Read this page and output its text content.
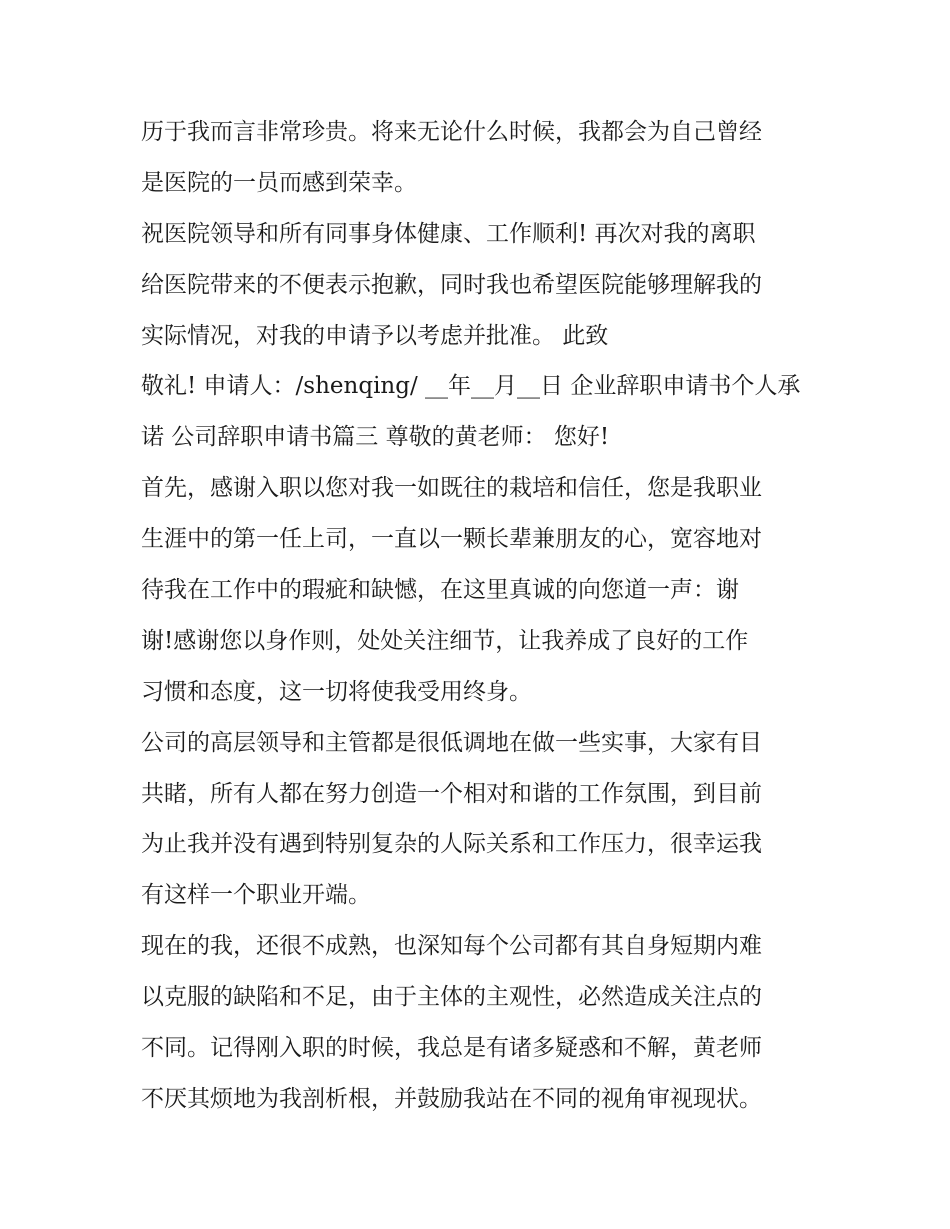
历于我而言非常珍贵。将来无论什么时候，我都会为自己曾经
是医院的一员而感到荣幸。
祝医院领导和所有同事身体健康、工作顺利! 再次对我的离职
给医院带来的不便表示抱歉，同时我也希望医院能够理解我的
实际情况，对我的申请予以考虑并批准。 此致
敬礼! 申请人：/shenqing/ __年__月__日 企业辞职申请书个人承
诺 公司辞职申请书篇三 尊敬的黄老师： 您好!
首先，感谢入职以您对我一如既往的栽培和信任，您是我职业
生涯中的第一任上司，一直以一颗长辈兼朋友的心，宽容地对
待我在工作中的瑕疵和缺憾，在这里真诚的向您道一声：谢
谢!感谢您以身作则，处处关注细节，让我养成了良好的工作
习惯和态度，这一切将使我受用终身。
公司的高层领导和主管都是很低调地在做一些实事，大家有目
共睹，所有人都在努力创造一个相对和谐的工作氛围，到目前
为止我并没有遇到特别复杂的人际关系和工作压力，很幸运我
有这样一个职业开端。
现在的我，还很不成熟，也深知每个公司都有其自身短期内难
以克服的缺陷和不足，由于主体的主观性，必然造成关注点的
不同。记得刚入职的时候，我总是有诸多疑惑和不解，黄老师
不厌其烦地为我剖析根，并鼓励我站在不同的视角审视现状。
